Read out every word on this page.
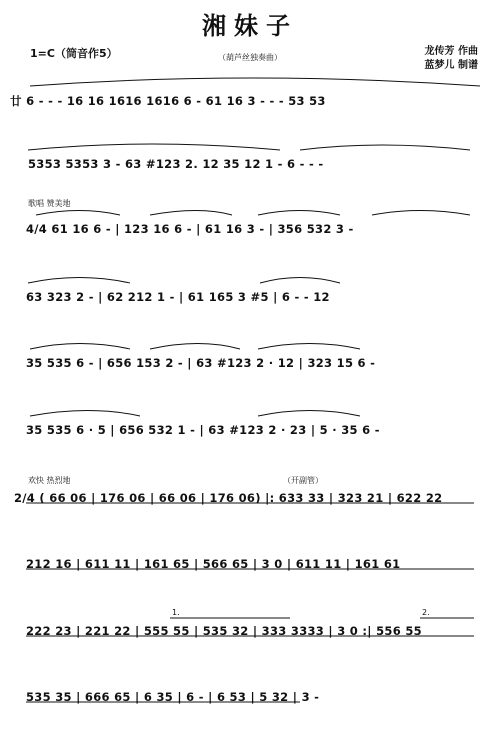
湘妹子
1=C（筒音作5）	（葫芦丝独奏曲）
龙传芳 作曲
蓝梦儿 制谱
歌唱 赞美地
欢快 热烈地	（开副管）
1.	2.
廿 6 - - - 16 16 1616 1616 6 - 61 16 3 - - - 53 53
5353 5353 3 - 63 #123 2. 12 35 12 1 - 6 - - -
4/4 61 16 6 - | 123 16 6 - | 61 16 3 - | 356 532 3 -
63 323 2 - | 62 212 1 - | 61 165 3 #5 | 6 - - 12
35 535 6 - | 656 153 2 - | 63 #123 2 · 12 | 323 15 6 -
35 535 6 · 5 | 656 532 1 - | 63 #123 2 · 23 | 5 · 35 6 -
2/4 ( 66 06 | 176 06 | 66 06 | 176 06) |: 633 33 | 323 21 | 622 22
212 16 | 611 11 | 161 65 | 566 65 | 3 0 | 611 11 | 161 61
222 23 | 221 22 | 555 55 | 535 32 | 333 3333 | 3 0 :| 556 55
535 35 | 666 65 | 6 35 | 6 - | 6 53 | 5 32 | 3 -
